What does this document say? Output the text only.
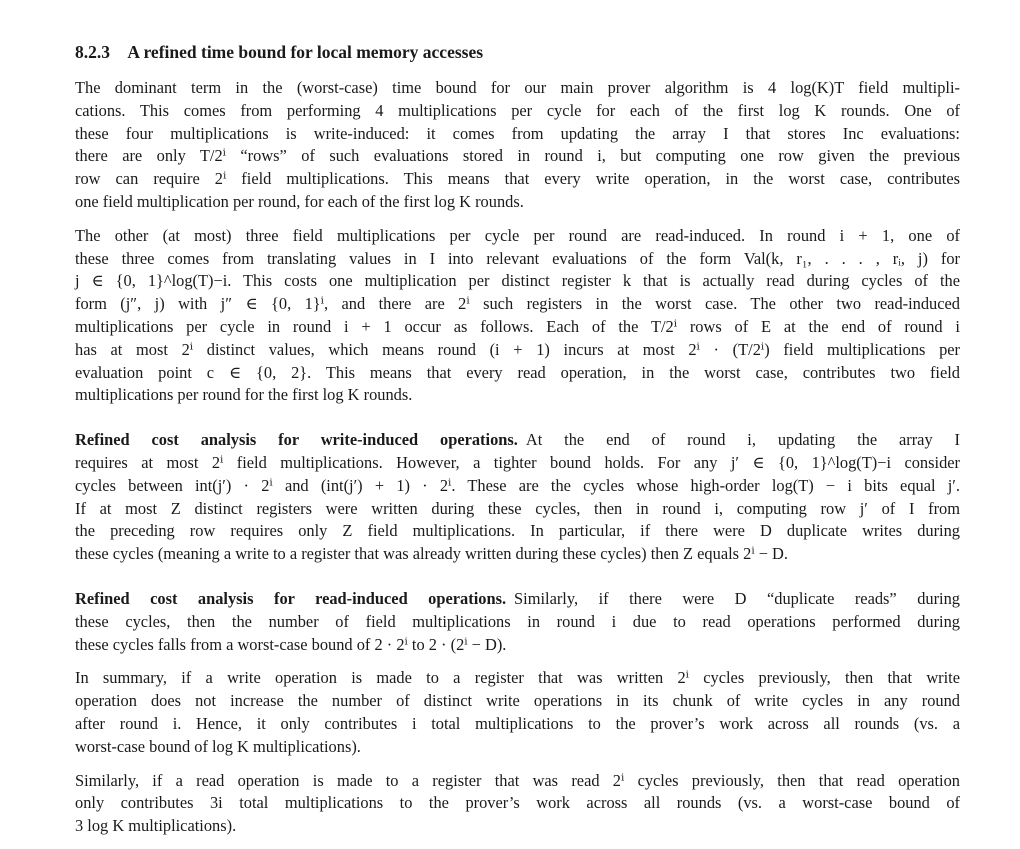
8.2.3 A refined time bound for local memory accesses

The dominant term in the (worst-case) time bound for our main prover algorithm is 4 log(K)T field multipli-
cations. This comes from performing 4 multiplications per cycle for each of the first log K rounds. One of
these four multiplications is write-induced: it comes from updating the array I that stores Inc evaluations:
there are only T/2ⁱ “rows” of such evaluations stored in round i, but computing one row given the previous
row can require 2ⁱ field multiplications. This means that every write operation, in the worst case, contributes
one field multiplication per round, for each of the first log K rounds.

The other (at most) three field multiplications per cycle per round are read-induced. In round i + 1, one of
these three comes from translating values in I into relevant evaluations of the form Val(k, r₁, . . . , rᵢ, j) for
j ∈ {0, 1}^log(T)−i. This costs one multiplication per distinct register k that is actually read during cycles of the
form (j″, j) with j″ ∈ {0, 1}ⁱ, and there are 2ⁱ such registers in the worst case. The other two read-induced
multiplications per cycle in round i + 1 occur as follows. Each of the T/2ⁱ rows of E at the end of round i
has at most 2ⁱ distinct values, which means round (i + 1) incurs at most 2ⁱ · (T/2ⁱ) field multiplications per
evaluation point c ∈ {0, 2}. This means that every read operation, in the worst case, contributes two field
multiplications per round for the first log K rounds.

Refined cost analysis for write-induced operations. At the end of round i, updating the array I
requires at most 2ⁱ field multiplications. However, a tighter bound holds. For any j′ ∈ {0, 1}^log(T)−i consider
cycles between int(j′) · 2ⁱ and (int(j′) + 1) · 2ⁱ. These are the cycles whose high-order log(T) − i bits equal j′.
If at most Z distinct registers were written during these cycles, then in round i, computing row j′ of I from
the preceding row requires only Z field multiplications. In particular, if there were D duplicate writes during
these cycles (meaning a write to a register that was already written during these cycles) then Z equals 2ⁱ − D.

Refined cost analysis for read-induced operations. Similarly, if there were D “duplicate reads” during
these cycles, then the number of field multiplications in round i due to read operations performed during
these cycles falls from a worst-case bound of 2 · 2ⁱ to 2 · (2ⁱ − D).

In summary, if a write operation is made to a register that was written 2ⁱ cycles previously, then that write
operation does not increase the number of distinct write operations in its chunk of write cycles in any round
after round i. Hence, it only contributes i total multiplications to the prover’s work across all rounds (vs. a
worst-case bound of log K multiplications).

Similarly, if a read operation is made to a register that was read 2ⁱ cycles previously, then that read operation
only contributes 3i total multiplications to the prover’s work across all rounds (vs. a worst-case bound of
3 log K multiplications).
